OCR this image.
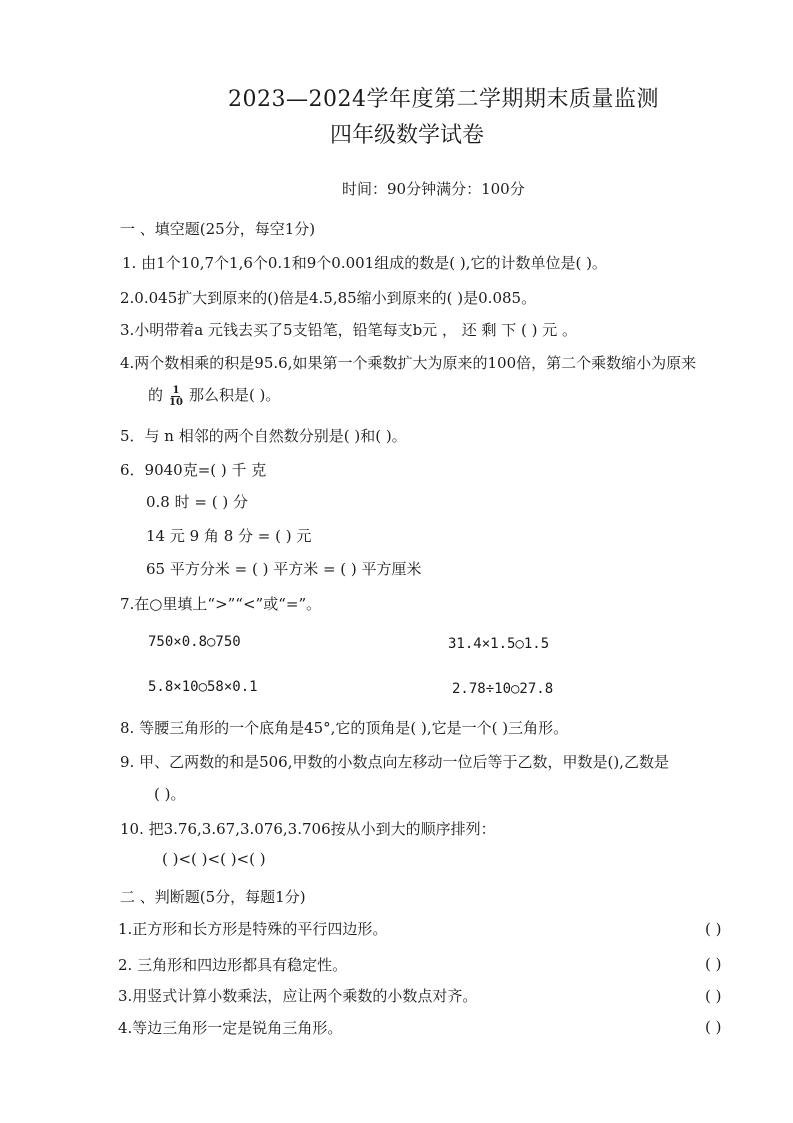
2023—2024学年度第二学期期末质量监测
四年级数学试卷
时间：90分钟满分：100分
一 、填空题(25分，每空1分)
1. 由1个10,7个1,6个0.1和9个0.001组成的数是( ),它的计数单位是( )。
2.0.045扩大到原来的()倍是4.5,85缩小到原来的( )是0.085。
3.小明带着a 元钱去买了5支铅笔，铅笔每支b元 ， 还 剩 下 ( ) 元 。
4.两个数相乘的积是95.6,如果第一个乘数扩大为原来的100倍，第二个乘数缩小为原来
的 $\frac{1}{10}$ 那么积是( )。
5．与 n 相邻的两个自然数分别是( )和( )。
6．9040克=( ) 千 克
0.8 时 = ( ) 分
14 元 9 角 8 分 = ( ) 元
65 平方分米 = ( ) 平方米 = ( ) 平方厘米
7.在○里填上“>”“<”或“=”。
750×0.8○750	31.4×1.5○1.5
5.8×10○58×0.1	2.78÷10○27.8
8. 等腰三角形的一个底角是45°,它的顶角是( ),它是一个( )三角形。
9. 甲、乙两数的和是506,甲数的小数点向左移动一位后等于乙数，甲数是(),乙数是
( )。
10. 把3.76,3.67,3.076,3.706按从小到大的顺序排列：
( )<( )<( )<( )
二 、判断题(5分，每题1分)
1.正方形和长方形是特殊的平行四边形。	( )
2. 三角形和四边形都具有稳定性。	( )
3.用竖式计算小数乘法，应让两个乘数的小数点对齐。	( )
4.等边三角形一定是锐角三角形。	( )
